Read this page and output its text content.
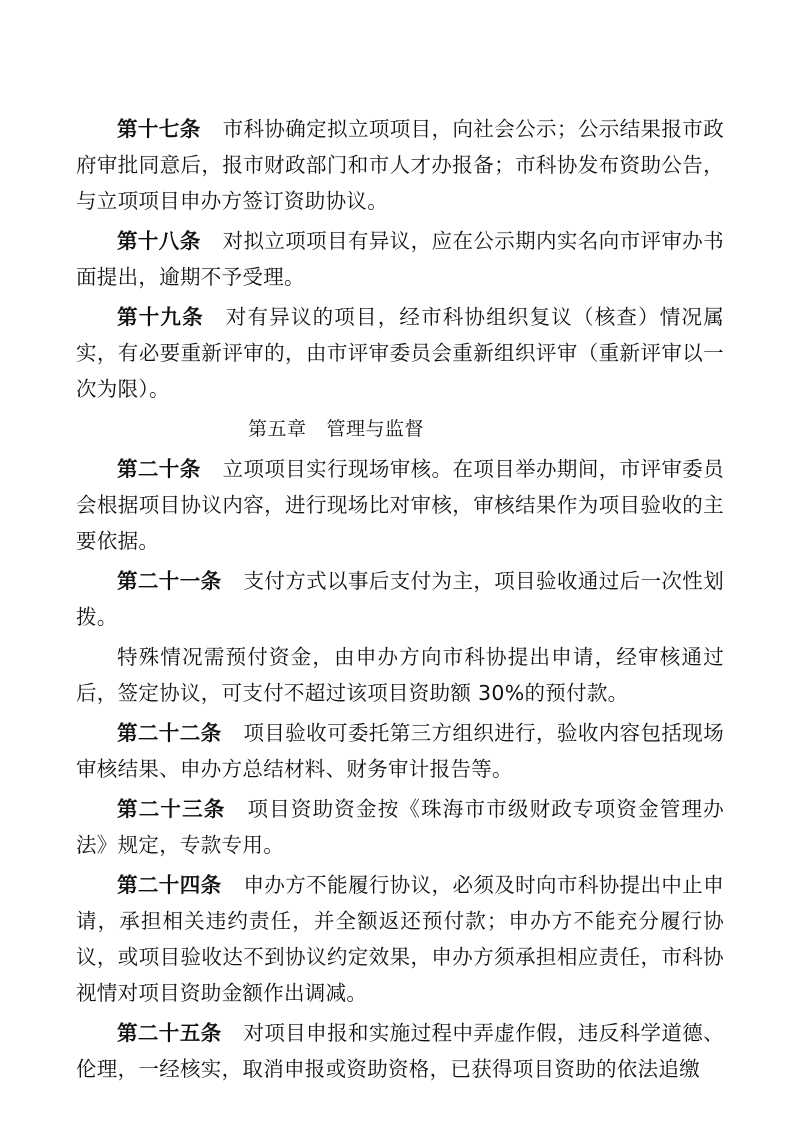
第十七条 市科协确定拟立项项目，向社会公示；公示结果报市政府审批同意后，报市财政部门和市人才办报备；市科协发布资助公告，与立项项目申办方签订资助协议。

第十八条 对拟立项项目有异议，应在公示期内实名向市评审办书面提出，逾期不予受理。

第十九条 对有异议的项目，经市科协组织复议（核查）情况属实，有必要重新评审的，由市评审委员会重新组织评审（重新评审以一次为限）。

第五章 管理与监督

第二十条 立项项目实行现场审核。在项目举办期间，市评审委员会根据项目协议内容，进行现场比对审核，审核结果作为项目验收的主要依据。

第二十一条 支付方式以事后支付为主，项目验收通过后一次性划拨。

特殊情况需预付资金，由申办方向市科协提出申请，经审核通过后，签定协议，可支付不超过该项目资助额 30%的预付款。

第二十二条 项目验收可委托第三方组织进行，验收内容包括现场审核结果、申办方总结材料、财务审计报告等。

第二十三条 项目资助资金按《珠海市市级财政专项资金管理办法》规定，专款专用。

第二十四条 申办方不能履行协议，必须及时向市科协提出中止申请，承担相关违约责任，并全额返还预付款；申办方不能充分履行协议，或项目验收达不到协议约定效果，申办方须承担相应责任，市科协视情对项目资助金额作出调减。

第二十五条 对项目申报和实施过程中弄虚作假，违反科学道德、伦理，一经核实，取消申报或资助资格，已获得项目资助的依法追缴
